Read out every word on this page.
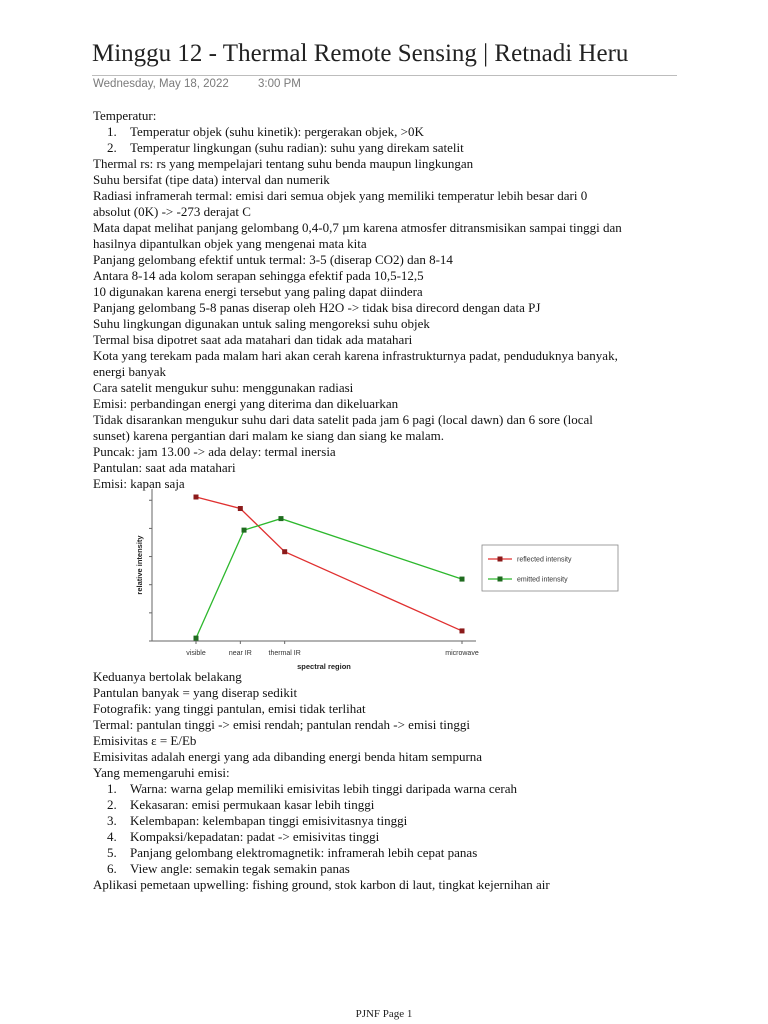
Minggu 12 - Thermal Remote Sensing | Retnadi Heru
Wednesday, May 18, 2022	3:00 PM

Temperatur:

1.	Temperatur objek (suhu kinetik): pergerakan objek, >0K
2.	Temperatur lingkungan (suhu radian): suhu yang direkam satelit

Thermal rs: rs yang mempelajari tentang suhu benda maupun lingkungan

Suhu bersifat (tipe data) interval dan numerik

Radiasi inframerah termal: emisi dari semua objek yang memiliki temperatur lebih besar dari 0

absolut (0K) -> -273 derajat C

Mata dapat melihat panjang gelombang 0,4-0,7 µm karena atmosfer ditransmisikan sampai tinggi dan

hasilnya dipantulkan objek yang mengenai mata kita

Panjang gelombang efektif untuk termal: 3-5 (diserap CO2) dan 8-14

Antara 8-14 ada kolom serapan sehingga efektif pada 10,5-12,5

10 digunakan karena energi tersebut yang paling dapat diindera

Panjang gelombang 5-8 panas diserap oleh H2O -> tidak bisa direcord dengan data PJ

Suhu lingkungan digunakan untuk saling mengoreksi suhu objek

Termal bisa dipotret saat ada matahari dan tidak ada matahari

Kota yang terekam pada malam hari akan cerah karena infrastrukturnya padat, penduduknya banyak,

energi banyak

Cara satelit mengukur suhu: menggunakan radiasi

Emisi: perbandingan energi yang diterima dan dikeluarkan

Tidak disarankan mengukur suhu dari data satelit pada jam 6 pagi (local dawn) dan 6 sore (local

sunset) karena pergantian dari malam ke siang dan siang ke malam.

Puncak: jam 13.00 -> ada delay: termal inersia

Pantulan: saat ada matahari

Emisi: kapan saja

visible	near IR thermal IR	microwave
spectral region
relative intensity	reflected intensity
emitted intensity

Keduanya bertolak belakang

Pantulan banyak = yang diserap sedikit

Fotografik: yang tinggi pantulan, emisi tidak terlihat

Termal: pantulan tinggi -> emisi rendah; pantulan rendah -> emisi tinggi

Emisivitas ε = E/Eb

Emisivitas adalah energi yang ada dibanding energi benda hitam sempurna

Yang memengaruhi emisi:

1.	Warna: warna gelap memiliki emisivitas lebih tinggi daripada warna cerah
2.	Kekasaran: emisi permukaan kasar lebih tinggi
3.	Kelembapan: kelembapan tinggi emisivitasnya tinggi
4.	Kompaksi/kepadatan: padat -> emisivitas tinggi
5.	Panjang gelombang elektromagnetik: inframerah lebih cepat panas
6.	View angle: semakin tegak semakin panas

Aplikasi pemetaan upwelling: fishing ground, stok karbon di laut, tingkat kejernihan air

PJNF Page 1
